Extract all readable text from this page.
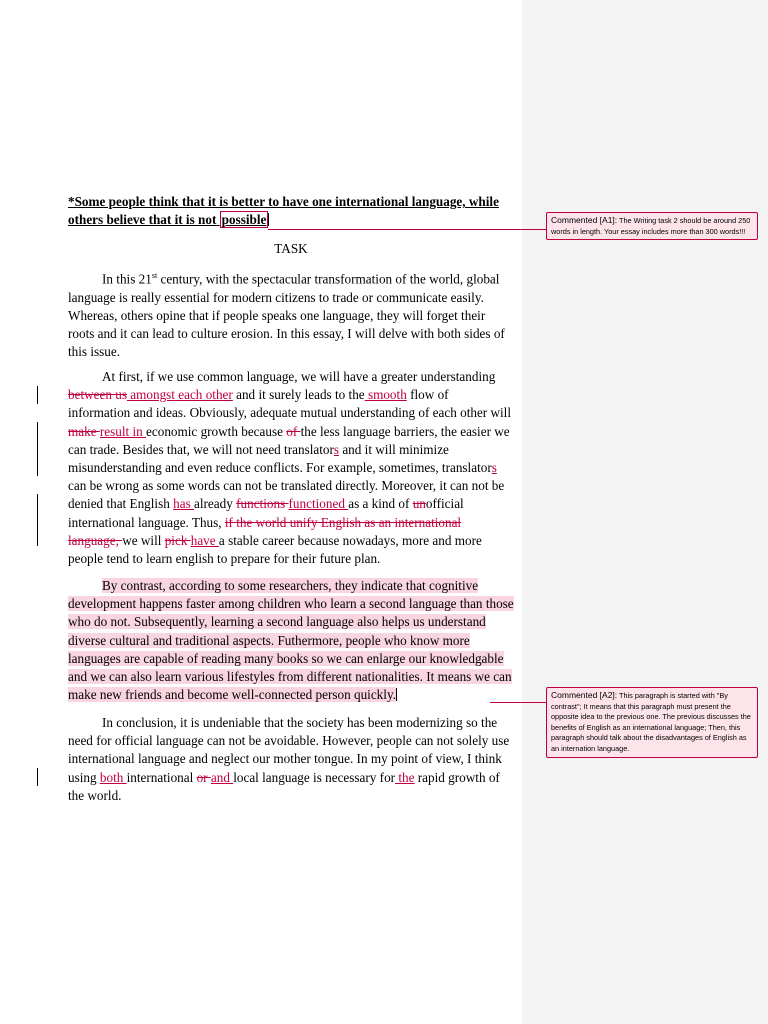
*Some people think that it is better to have one international language, while others believe that it is not possible
TASK

In this 21st century, with the spectacular transformation of the world, global language is really essential for modern citizens to trade or communicate easily. Whereas, others opine that if people speaks one language, they will forget their roots and it can lead to culture erosion. In this essay, I will delve with both sides of this issue.

At first, if we use common language, we will have a greater understanding between us amongst each other and it surely leads to the smooth flow of information and ideas. Obviously, adequate mutual understanding of each other will make result in economic growth because of the less language barriers, the easier we can trade. Besides that, we will not need translators and it will minimize misunderstanding and even reduce conflicts. For example, sometimes, translators can be wrong as some words can not be translated directly. Moreover, it can not be denied that English has already functions functioned as a kind of unofficial international language. Thus, if the world unify English as an international language, we will pick have a stable career because nowadays, more and more people tend to learn english to prepare for their future plan.

By contrast, according to some researchers, they indicate that cognitive development happens faster among children who learn a second language than those who do not. Subsequently, learning a second language also helps us understand diverse cultural and traditional aspects. Futhermore, people who know more languages are capable of reading many books so we can enlarge our knowledgable and we can also learn various lifestyles from different nationalities. It means we can make new friends and become well-connected person quickly.

In conclusion, it is undeniable that the society has been modernizing so the need for official language can not be avoidable. However, people can not solely use international language and neglect our mother tongue. In my point of view, I think using both international or and local language is necessary for the rapid growth of the world.

Commented [A1]: The Writing task 2 should be around 250 words in length. Your essay includes more than 300 words!!!
Commented [A2]: This paragraph is started with "By contrast"; It means that this paragraph must present the opposite idea to the previous one. The previous discusses the benefits of English as an international language; Then, this paragraph should talk about the disadvantages of English as an internation language.
